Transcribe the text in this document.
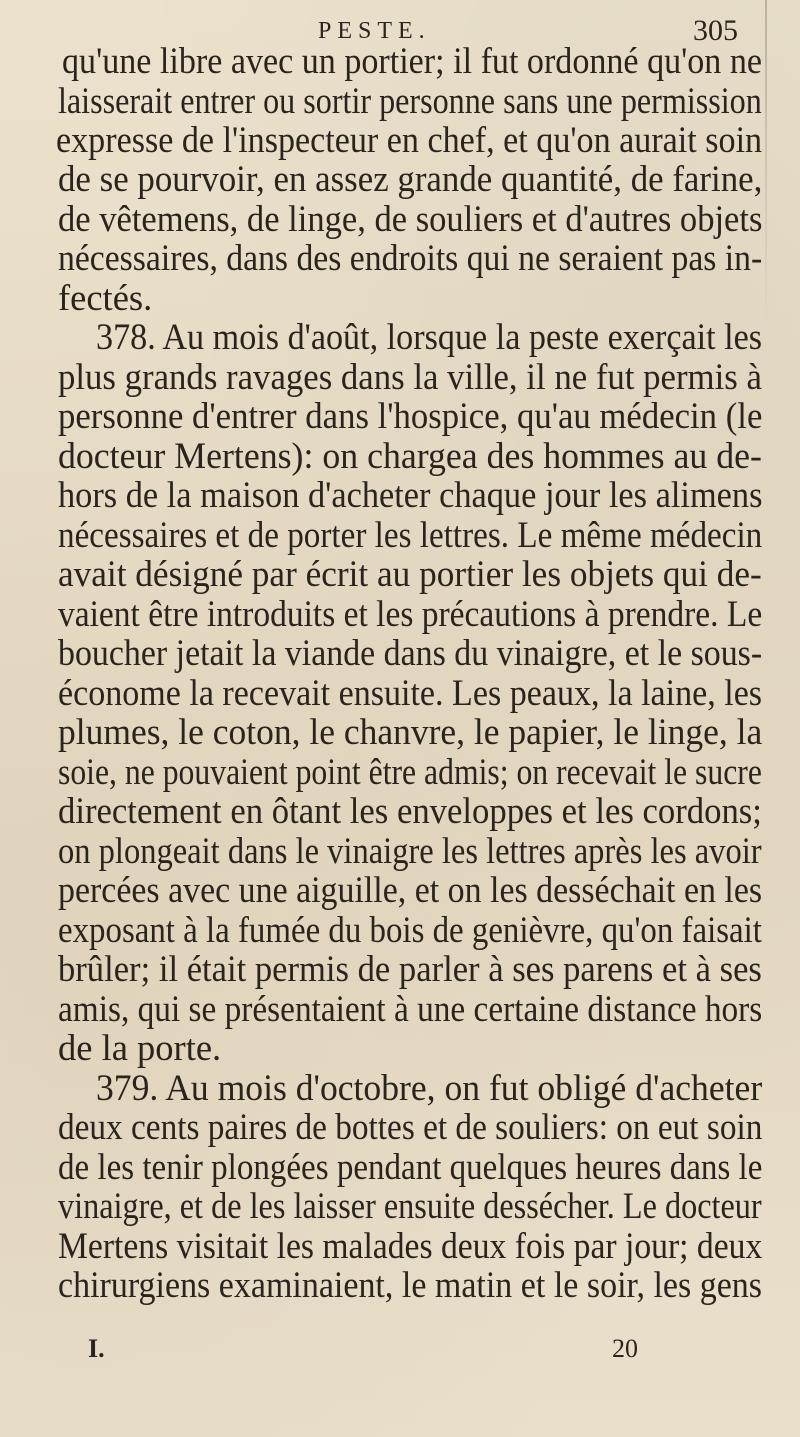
PESTE.	305
qu'une libre avec un portier; il fut ordonné qu'on ne
laisserait entrer ou sortir personne sans une permission
expresse de l'inspecteur en chef, et qu'on aurait soin
de se pourvoir, en assez grande quantité, de farine,
de vêtemens, de linge, de souliers et d'autres objets
nécessaires, dans des endroits qui ne seraient pas in-
fectés.
378. Au mois d'août, lorsque la peste exerçait les
plus grands ravages dans la ville, il ne fut permis à
personne d'entrer dans l'hospice, qu'au médecin (le
docteur Mertens): on chargea des hommes au de-
hors de la maison d'acheter chaque jour les alimens
nécessaires et de porter les lettres. Le même médecin
avait désigné par écrit au portier les objets qui de-
vaient être introduits et les précautions à prendre. Le
boucher jetait la viande dans du vinaigre, et le sous-
économe la recevait ensuite. Les peaux, la laine, les
plumes, le coton, le chanvre, le papier, le linge, la
soie, ne pouvaient point être admis; on recevait le sucre
directement en ôtant les enveloppes et les cordons;
on plongeait dans le vinaigre les lettres après les avoir
percées avec une aiguille, et on les desséchait en les
exposant à la fumée du bois de genièvre, qu'on faisait
brûler; il était permis de parler à ses parens et à ses
amis, qui se présentaient à une certaine distance hors
de la porte.
379. Au mois d'octobre, on fut obligé d'acheter
deux cents paires de bottes et de souliers: on eut soin
de les tenir plongées pendant quelques heures dans le
vinaigre, et de les laisser ensuite dessécher. Le docteur
Mertens visitait les malades deux fois par jour; deux
chirurgiens examinaient, le matin et le soir, les gens
I.	20
